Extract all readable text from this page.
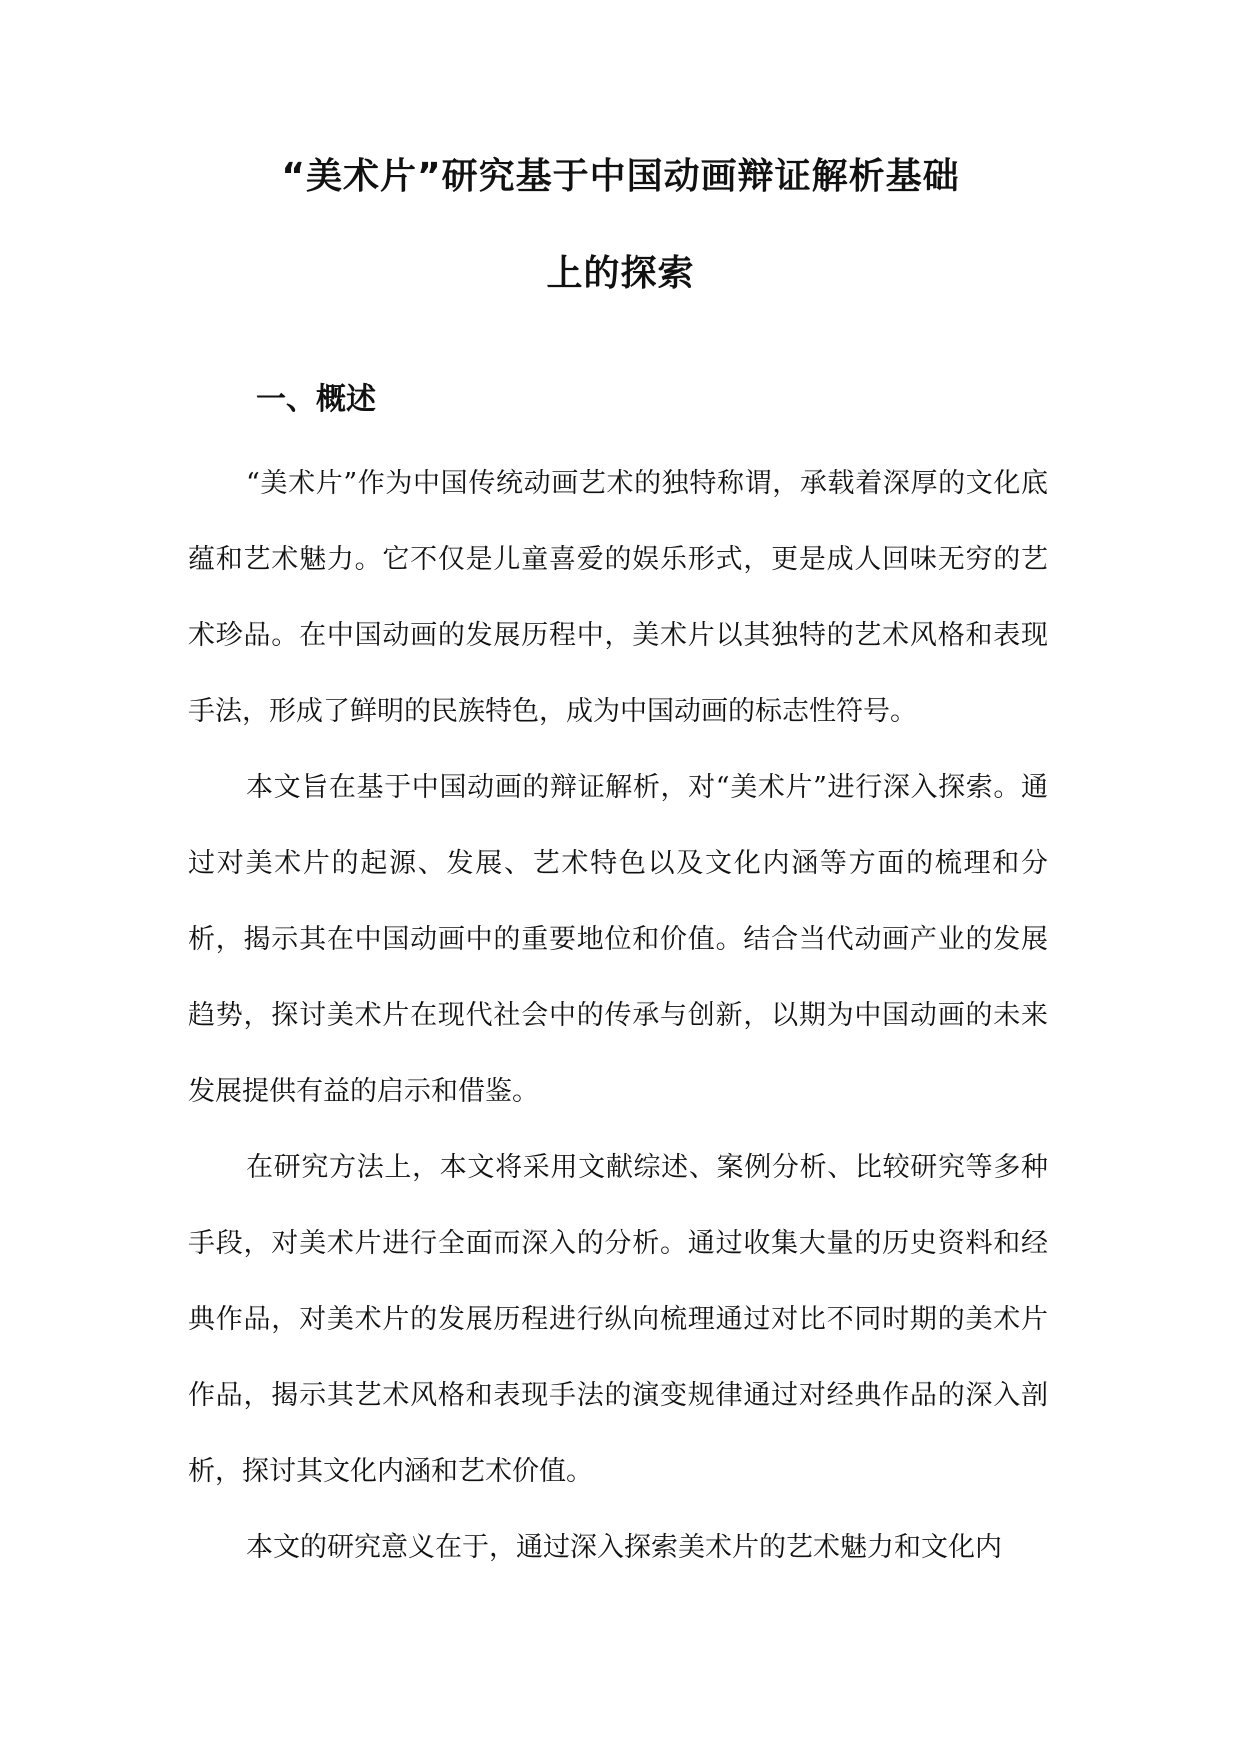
“美术片”研究基于中国动画辩证解析基础
上的探索
一、概述

“美术片”作为中国传统动画艺术的独特称谓，承载着深厚的文化底蕴和艺术魅力。它不仅是儿童喜爱的娱乐形式，更是成人回味无穷的艺术珍品。在中国动画的发展历程中，美术片以其独特的艺术风格和表现手法，形成了鲜明的民族特色，成为中国动画的标志性符号。

本文旨在基于中国动画的辩证解析，对“美术片”进行深入探索。通过对美术片的起源、发展、艺术特色以及文化内涵等方面的梳理和分析，揭示其在中国动画中的重要地位和价值。结合当代动画产业的发展趋势，探讨美术片在现代社会中的传承与创新，以期为中国动画的未来发展提供有益的启示和借鉴。

在研究方法上，本文将采用文献综述、案例分析、比较研究等多种手段，对美术片进行全面而深入的分析。通过收集大量的历史资料和经典作品，对美术片的发展历程进行纵向梳理通过对比不同时期的美术片作品，揭示其艺术风格和表现手法的演变规律通过对经典作品的深入剖析，探讨其文化内涵和艺术价值。

本文的研究意义在于，通过深入探索美术片的艺术魅力和文化内
